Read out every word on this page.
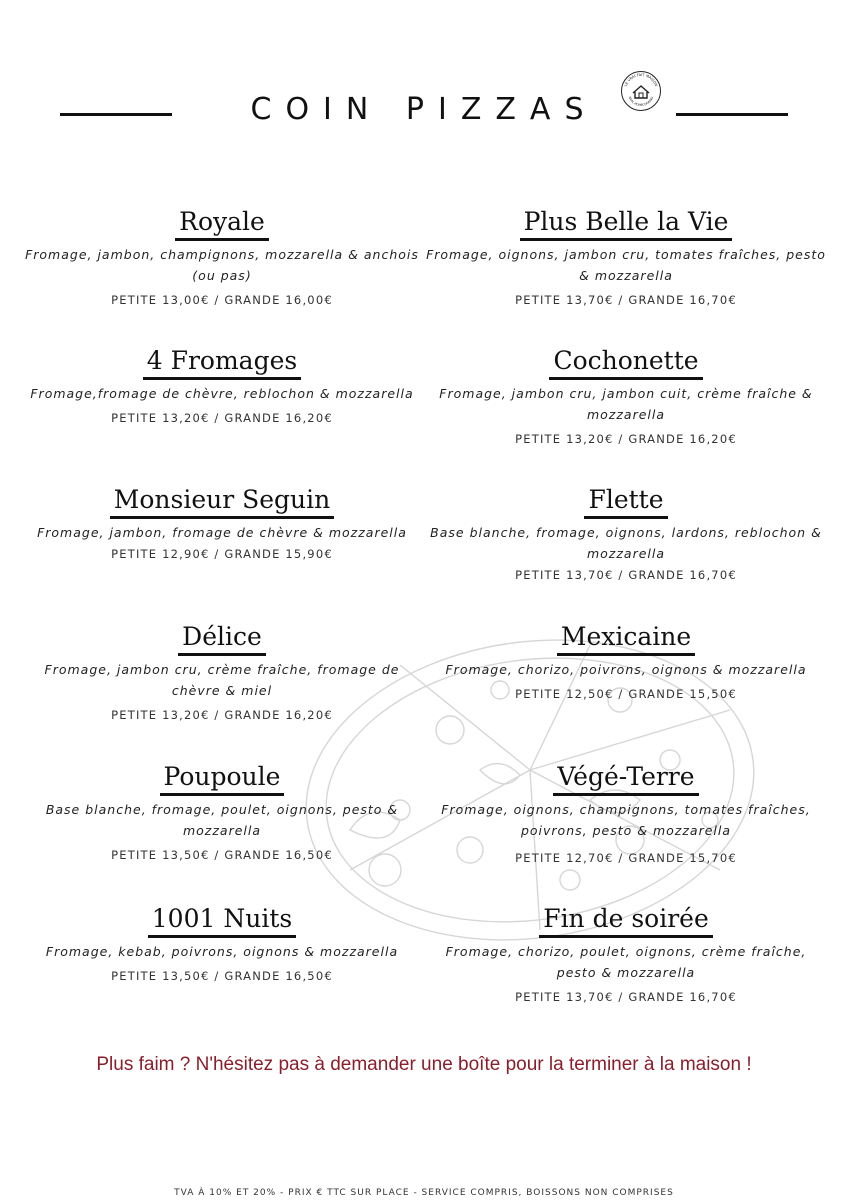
COIN PIZZAS
LE VRAI FAIT MAISON
REAL HOMECOOKING
Royale
Fromage, jambon, champignons, mozzarella & anchois (ou pas)
PETITE 13,00€ / GRANDE 16,00€
4 Fromages
Fromage,fromage de chèvre, reblochon & mozzarella
PETITE 13,20€ / GRANDE 16,20€
Monsieur Seguin
Fromage, jambon, fromage de chèvre & mozzarella
PETITE 12,90€ / GRANDE 15,90€
Délice
Fromage, jambon cru, crème fraîche, fromage de chèvre & miel
PETITE 13,20€ / GRANDE 16,20€
Poupoule
Base blanche, fromage, poulet, oignons, pesto & mozzarella
PETITE 13,50€ / GRANDE 16,50€
1001 Nuits
Fromage, kebab, poivrons, oignons & mozzarella
PETITE 13,50€ / GRANDE 16,50€
Plus Belle la Vie
Fromage, oignons, jambon cru, tomates fraîches, pesto & mozzarella
PETITE 13,70€ / GRANDE 16,70€
Cochonette
Fromage, jambon cru, jambon cuit, crème fraîche & mozzarella
PETITE 13,20€ / GRANDE 16,20€
Flette
Base blanche, fromage, oignons, lardons, reblochon & mozzarella
PETITE 13,70€ / GRANDE 16,70€
Mexicaine
Fromage, chorizo, poivrons, oignons & mozzarella
PETITE 12,50€ / GRANDE 15,50€
Végé-Terre
Fromage, oignons, champignons, tomates fraîches, poivrons, pesto & mozzarella
PETITE 12,70€ / GRANDE 15,70€
Fin de soirée
Fromage, chorizo, poulet, oignons, crème fraîche, pesto & mozzarella
PETITE 13,70€ / GRANDE 16,70€
Plus faim ? N'hésitez pas à demander une boîte pour la terminer à la maison !
TVA À 10% ET 20% - PRIX € TTC SUR PLACE - SERVICE COMPRIS, BOISSONS NON COMPRISES
